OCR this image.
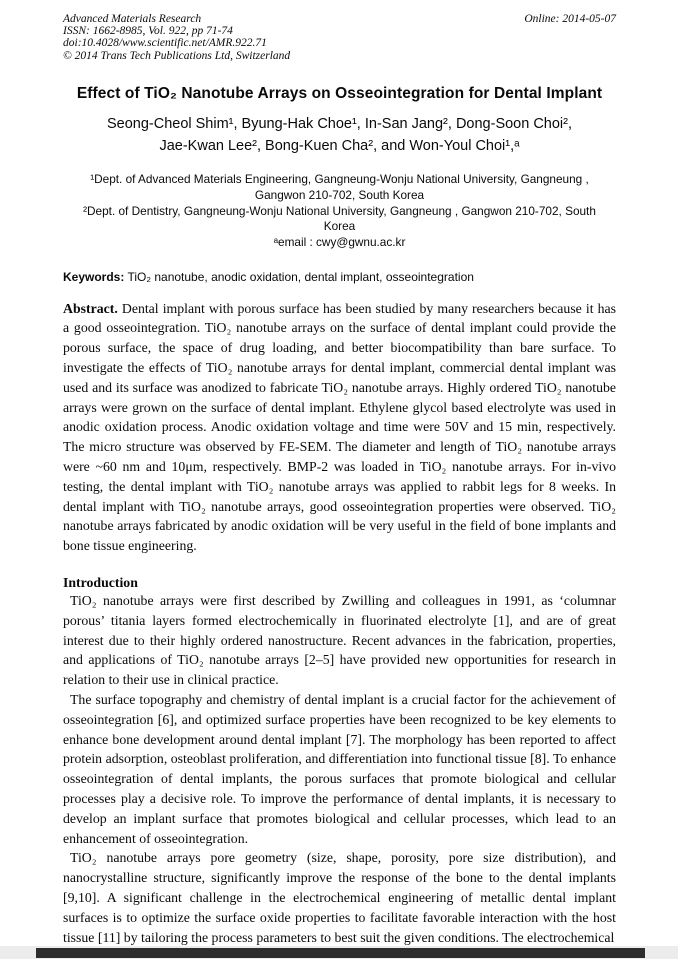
Advanced Materials Research	Online: 2014-05-07
ISSN: 1662-8985, Vol. 922, pp 71-74
doi:10.4028/www.scientific.net/AMR.922.71
© 2014 Trans Tech Publications Ltd, Switzerland
Effect of TiO₂ Nanotube Arrays on Osseointegration for Dental Implant
Seong-Cheol Shim¹, Byung-Hak Choe¹, In-San Jang², Dong-Soon Choi²,
Jae-Kwan Lee², Bong-Kuen Cha², and Won-Youl Choi¹,ᵃ
¹Dept. of Advanced Materials Engineering, Gangneung-Wonju National University, Gangneung , Gangwon 210-702, South Korea
²Dept. of Dentistry, Gangneung-Wonju National University, Gangneung , Gangwon 210-702, South Korea
ᵃemail : cwy@gwnu.ac.kr
Keywords: TiO₂ nanotube, anodic oxidation, dental implant, osseointegration

Abstract. Dental implant with porous surface has been studied by many researchers because it has a good osseointegration. TiO₂ nanotube arrays on the surface of dental implant could provide the porous surface, the space of drug loading, and better biocompatibility than bare surface. To investigate the effects of TiO₂ nanotube arrays for dental implant, commercial dental implant was used and its surface was anodized to fabricate TiO₂ nanotube arrays. Highly ordered TiO₂ nanotube arrays were grown on the surface of dental implant. Ethylene glycol based electrolyte was used in anodic oxidation process. Anodic oxidation voltage and time were 50V and 15 min, respectively. The micro structure was observed by FE-SEM. The diameter and length of TiO₂ nanotube arrays were ~60 nm and 10μm, respectively. BMP-2 was loaded in TiO₂ nanotube arrays. For in-vivo testing, the dental implant with TiO₂ nanotube arrays was applied to rabbit legs for 8 weeks. In dental implant with TiO₂ nanotube arrays, good osseointegration properties were observed. TiO₂ nanotube arrays fabricated by anodic oxidation will be very useful in the field of bone implants and bone tissue engineering.

Introduction

TiO₂ nanotube arrays were first described by Zwilling and colleagues in 1991, as ‘columnar porous’ titania layers formed electrochemically in fluorinated electrolyte [1], and are of great interest due to their highly ordered nanostructure. Recent advances in the fabrication, properties, and applications of TiO₂ nanotube arrays [2–5] have provided new opportunities for research in relation to their use in clinical practice.

The surface topography and chemistry of dental implant is a crucial factor for the achievement of osseointegration [6], and optimized surface properties have been recognized to be key elements to enhance bone development around dental implant [7]. The morphology has been reported to affect protein adsorption, osteoblast proliferation, and differentiation into functional tissue [8]. To enhance osseointegration of dental implants, the porous surfaces that promote biological and cellular processes play a decisive role. To improve the performance of dental implants, it is necessary to develop an implant surface that promotes biological and cellular processes, which lead to an enhancement of osseointegration.

TiO₂ nanotube arrays pore geometry (size, shape, porosity, pore size distribution), and nanocrystalline structure, significantly improve the response of the bone to the dental implants [9,10]. A significant challenge in the electrochemical engineering of metallic dental implant surfaces is to optimize the surface oxide properties to facilitate favorable interaction with the host tissue [11] by tailoring the process parameters to best suit the given conditions. The electrochemical
